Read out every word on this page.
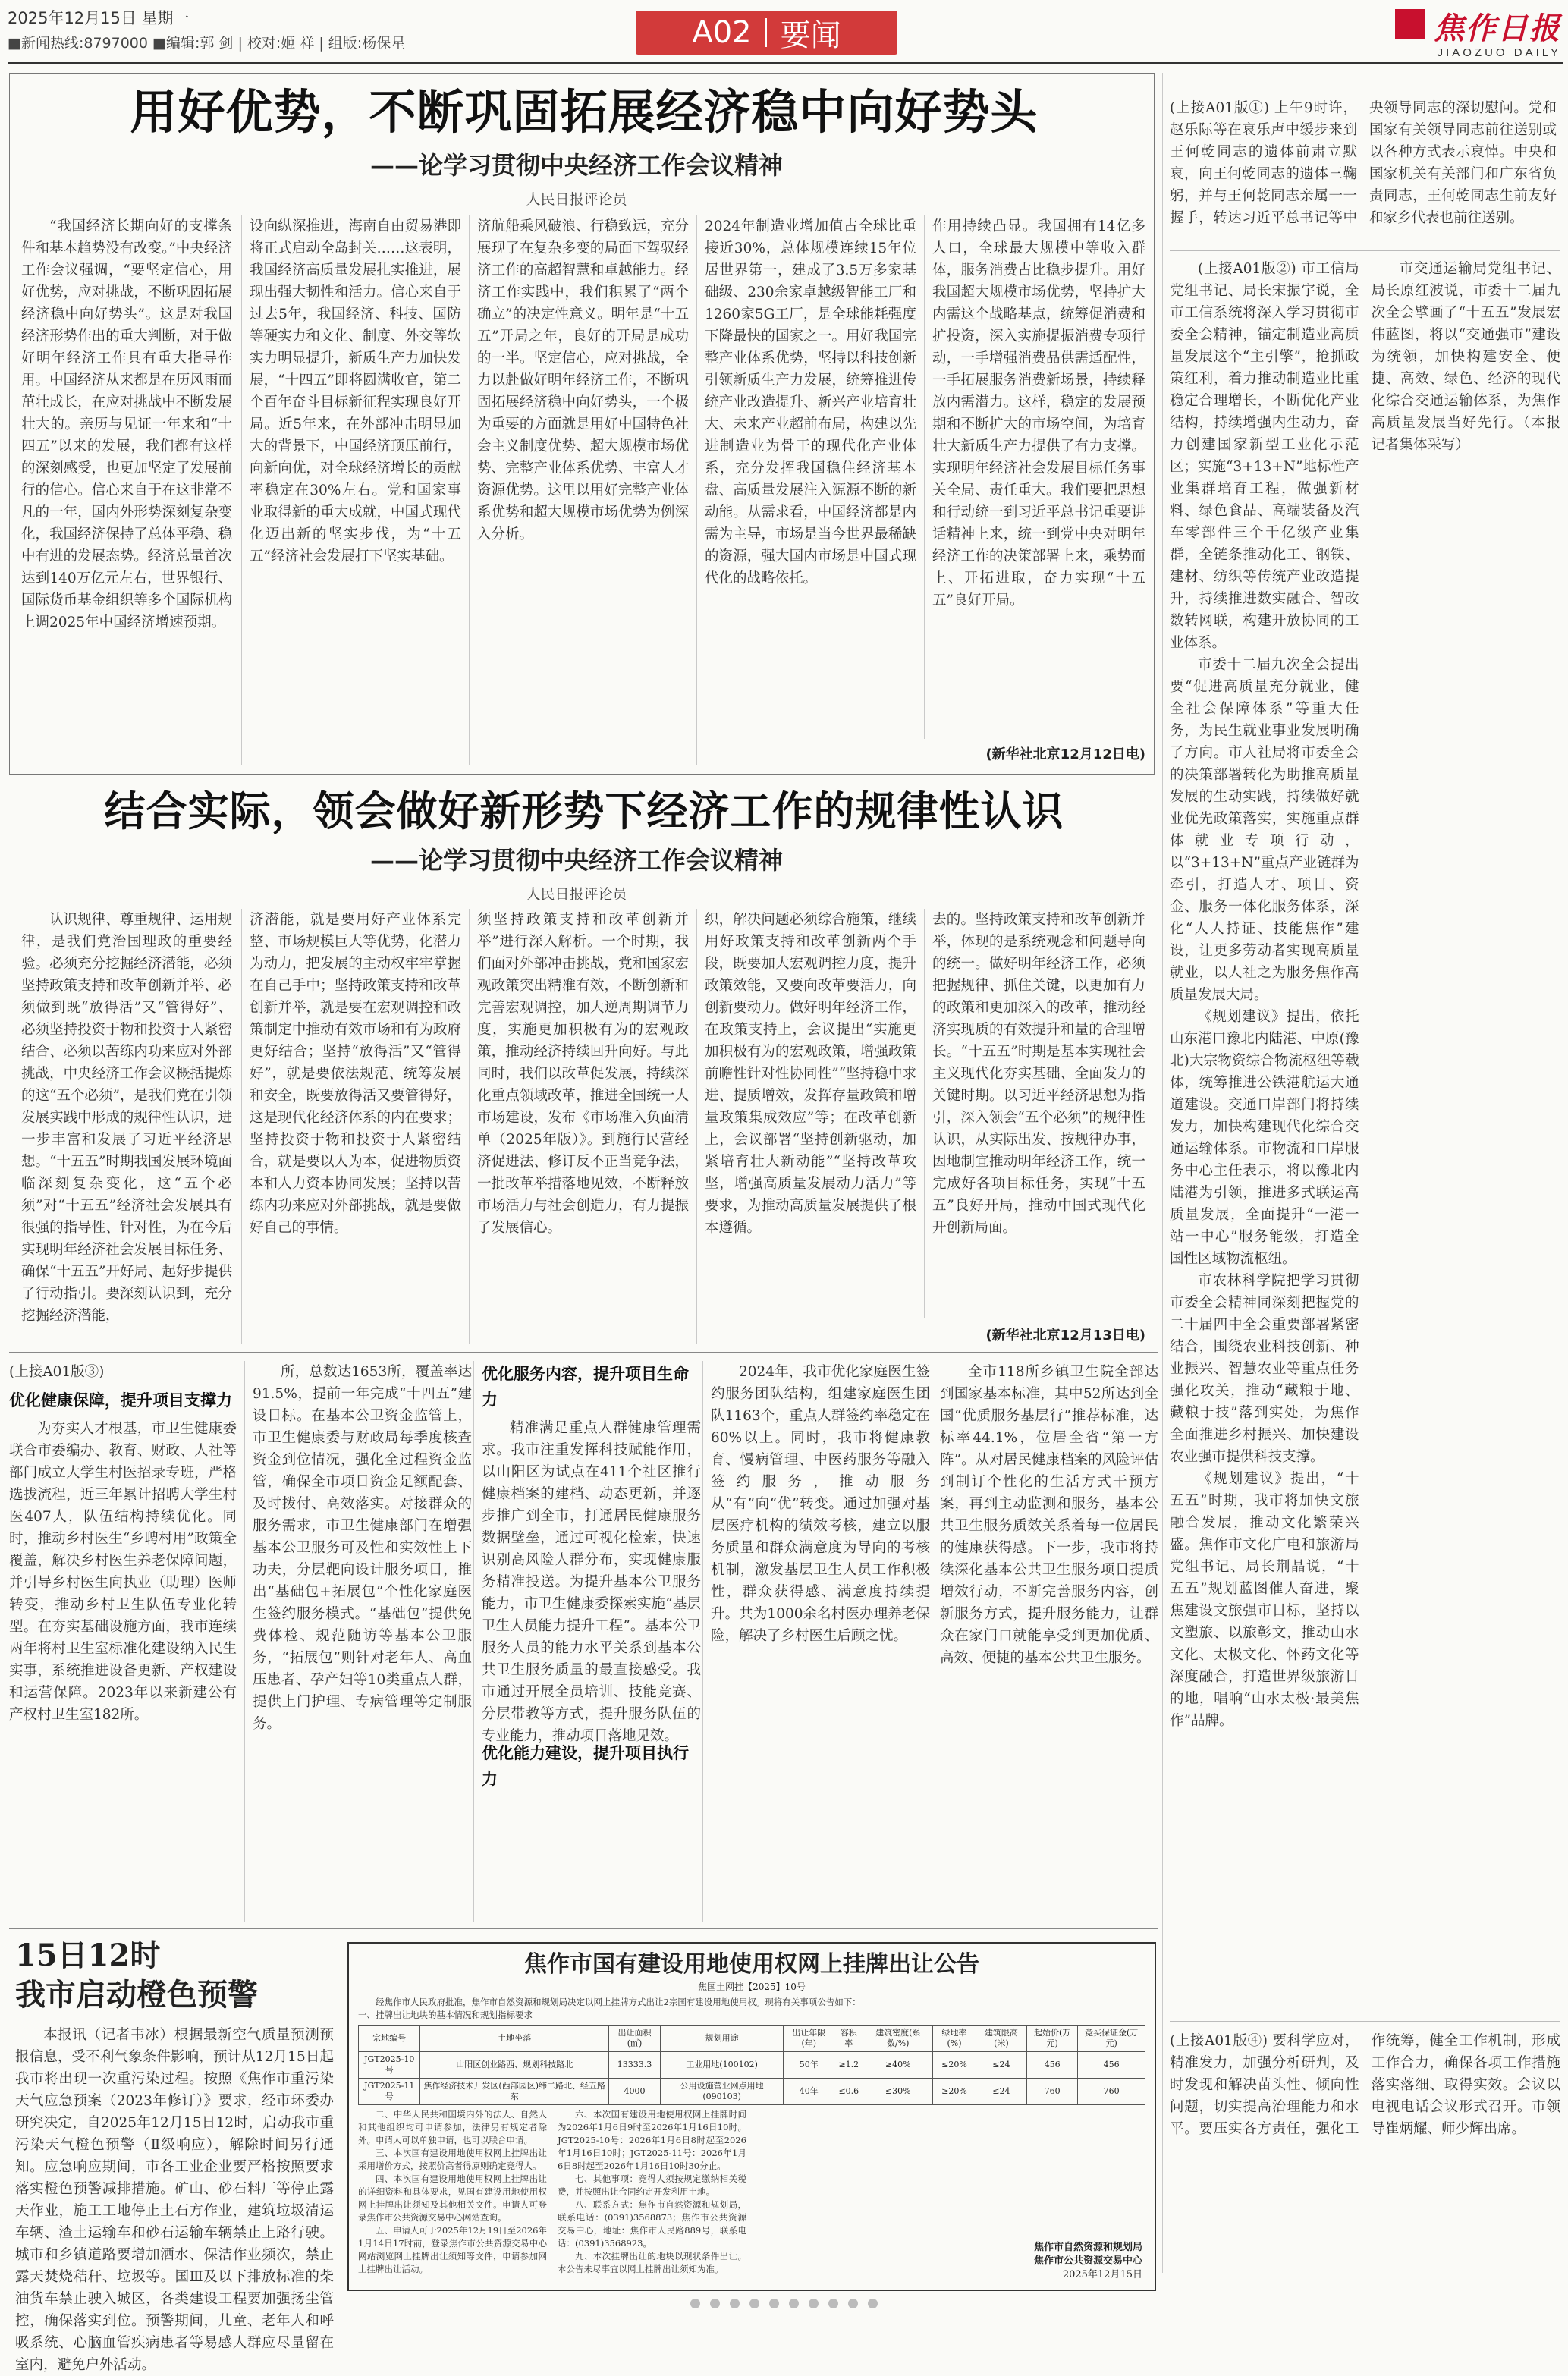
2025年12月15日 星期一
■新闻热线:8797000 ■编辑:郭 剑 | 校对:姬 祥 | 组版:杨保星	A02 要闻	焦作日报
JIAOZUO DAILY
用好优势，不断巩固拓展经济稳中向好势头
——论学习贯彻中央经济工作会议精神
人民日报评论员
“我国经济长期向好的支撑条件和基本趋势没有改变。”中央经济工作会议强调，“要坚定信心，用好优势，应对挑战，不断巩固拓展经济稳中向好势头”。这是对我国经济形势作出的重大判断，对于做好明年经济工作具有重大指导作用。中国经济从来都是在历风雨而茁壮成长，在应对挑战中不断发展壮大的。亲历与见证一年来和“十四五”以来的发展，我们都有这样的深刻感受，也更加坚定了发展前行的信心。信心来自于在这非常不凡的一年，国内外形势深刻复杂变化，我国经济保持了总体平稳、稳中有进的发展态势。经济总量首次达到140万亿元左右，世界银行、国际货币基金组织等多个国际机构上调2025年中国经济增速预期。
设向纵深推进，海南自由贸易港即将正式启动全岛封关……这表明，我国经济高质量发展扎实推进，展现出强大韧性和活力。信心来自于过去5年，我国经济、科技、国防等硬实力和文化、制度、外交等软实力明显提升，新质生产力加快发展，“十四五”即将圆满收官，第二个百年奋斗目标新征程实现良好开局。近5年来，在外部冲击明显加大的背景下，中国经济顶压前行，向新向优，对全球经济增长的贡献率稳定在30%左右。党和国家事业取得新的重大成就，中国式现代化迈出新的坚实步伐，为“十五五”经济社会发展打下坚实基础。
济航船乘风破浪、行稳致远，充分展现了在复杂多变的局面下驾驭经济工作的高超智慧和卓越能力。经济工作实践中，我们积累了“两个确立”的决定性意义。明年是“十五五”开局之年，良好的开局是成功的一半。坚定信心，应对挑战，全力以赴做好明年经济工作，不断巩固拓展经济稳中向好势头，一个极为重要的方面就是用好中国特色社会主义制度优势、超大规模市场优势、完整产业体系优势、丰富人才资源优势。这里以用好完整产业体系优势和超大规模市场优势为例深入分析。
2024年制造业增加值占全球比重接近30%，总体规模连续15年位居世界第一，建成了3.5万多家基础级、230余家卓越级智能工厂和1260家5G工厂，是全球能耗强度下降最快的国家之一。用好我国完整产业体系优势，坚持以科技创新引领新质生产力发展，统筹推进传统产业改造提升、新兴产业培育壮大、未来产业超前布局，构建以先进制造业为骨干的现代化产业体系，充分发挥我国稳住经济基本盘、高质量发展注入源源不断的新动能。从需求看，中国经济都是内需为主导，市场是当今世界最稀缺的资源，强大国内市场是中国式现代化的战略依托。
作用持续凸显。我国拥有14亿多人口，全球最大规模中等收入群体，服务消费占比稳步提升。用好我国超大规模市场优势，坚持扩大内需这个战略基点，统筹促消费和扩投资，深入实施提振消费专项行动，一手增强消费品供需适配性，一手拓展服务消费新场景，持续释放内需潜力。这样，稳定的发展预期和不断扩大的市场空间，为培育壮大新质生产力提供了有力支撑。实现明年经济社会发展目标任务事关全局、责任重大。我们要把思想和行动统一到习近平总书记重要讲话精神上来，统一到党中央对明年经济工作的决策部署上来，乘势而上、开拓进取，奋力实现“十五五”良好开局。
(新华社北京12月12日电)
结合实际，领会做好新形势下经济工作的规律性认识
——论学习贯彻中央经济工作会议精神
人民日报评论员
认识规律、尊重规律、运用规律，是我们党治国理政的重要经验。必须充分挖掘经济潜能，必须坚持政策支持和改革创新并举、必须做到既“放得活”又“管得好”、必须坚持投资于物和投资于人紧密结合、必须以苦练内功来应对外部挑战，中央经济工作会议概括提炼的这“五个必须”，是我们党在引领发展实践中形成的规律性认识，进一步丰富和发展了习近平经济思想。“十五五”时期我国发展环境面临深刻复杂变化，这“五个必须”对“十五五”经济社会发展具有很强的指导性、针对性，为在今后实现明年经济社会发展目标任务、确保“十五五”开好局、起好步提供了行动指引。要深刻认识到，充分挖掘经济潜能，
济潜能，就是要用好产业体系完整、市场规模巨大等优势，化潜力为动力，把发展的主动权牢牢掌握在自己手中；坚持政策支持和改革创新并举，就是要在宏观调控和政策制定中推动有效市场和有为政府更好结合；坚持“放得活”又“管得好”，就是要依法规范、统筹发展和安全，既要放得活又要管得好，这是现代化经济体系的内在要求；坚持投资于物和投资于人紧密结合，就是要以人为本，促进物质资本和人力资本协同发展；坚持以苦练内功来应对外部挑战，就是要做好自己的事情。
须坚持政策支持和改革创新并举”进行深入解析。一个时期，我们面对外部冲击挑战，党和国家宏观政策突出精准有效，不断创新和完善宏观调控，加大逆周期调节力度，实施更加积极有为的宏观政策，推动经济持续回升向好。与此同时，我们以改革促发展，持续深化重点领域改革，推进全国统一大市场建设，发布《市场准入负面清单（2025年版）》。到施行民营经济促进法、修订反不正当竞争法，一批改革举措落地见效，不断释放市场活力与社会创造力，有力提振了发展信心。
织，解决问题必须综合施策，继续用好政策支持和改革创新两个手段，既要加大宏观调控力度，提升政策效能，又要向改革要活力，向创新要动力。做好明年经济工作，在政策支持上，会议提出“实施更加积极有为的宏观政策，增强政策前瞻性针对性协同性”“坚持稳中求进、提质增效，发挥存量政策和增量政策集成效应”等；在改革创新上，会议部署“坚持创新驱动，加紧培育壮大新动能”“坚持改革攻坚，增强高质量发展动力活力”等要求，为推动高质量发展提供了根本遵循。
去的。坚持政策支持和改革创新并举，体现的是系统观念和问题导向的统一。做好明年经济工作，必须把握规律、抓住关键，以更加有力的政策和更加深入的改革，推动经济实现质的有效提升和量的合理增长。“十五五”时期是基本实现社会主义现代化夯实基础、全面发力的关键时期。以习近平经济思想为指引，深入领会“五个必须”的规律性认识，从实际出发、按规律办事，因地制宜推动明年经济工作，统一完成好各项目标任务，实现“十五五”良好开局，推动中国式现代化开创新局面。
(新华社北京12月13日电)
(上接A01版①) 上午9时许，赵乐际等在哀乐声中缓步来到王何乾同志的遗体前肃立默哀，向王何乾同志的遗体三鞠躬，并与王何乾同志亲属一一握手，转达习近平总书记等中央领导同志的深切慰问。党和国家有关领导同志前往送别或以各种方式表示哀悼。中央和国家机关有关部门和广东省负责同志，王何乾同志生前友好和家乡代表也前往送别。

(上接A01版②) 市工信局党组书记、局长宋振宇说，全市工信系统将深入学习贯彻市委全会精神，锚定制造业高质量发展这个“主引擎”，抢抓政策红利，着力推动制造业比重稳定合理增长，不断优化产业结构，持续增强内生动力，奋力创建国家新型工业化示范区；实施“3+13+N”地标性产业集群培育工程，做强新材料、绿色食品、高端装备及汽车零部件三个千亿级产业集群，全链条推动化工、钢铁、建材、纺织等传统产业改造提升，持续推进数实融合、智改数转网联，构建开放协同的工业体系。

市委十二届九次全会提出要“促进高质量充分就业，健全社会保障体系”等重大任务，为民生就业事业发展明确了方向。市人社局将市委全会的决策部署转化为助推高质量发展的生动实践，持续做好就业优先政策落实，实施重点群体就业专项行动，以“3+13+N”重点产业链群为牵引，打造人才、项目、资金、服务一体化服务体系，深化“人人持证、技能焦作”建设，让更多劳动者实现高质量就业，以人社之为服务焦作高质量发展大局。

《规划建议》提出，依托山东港口豫北内陆港、中原(豫北)大宗物资综合物流枢纽等载体，统筹推进公铁港航运大通道建设。交通口岸部门将持续发力，加快构建现代化综合交通运输体系。市物流和口岸服务中心主任表示，将以豫北内陆港为引领，推进多式联运高质量发展，全面提升“一港一站一中心”服务能级，打造全国性区域物流枢纽。

市农林科学院把学习贯彻市委全会精神同深刻把握党的二十届四中全会重要部署紧密结合，围绕农业科技创新、种业振兴、智慧农业等重点任务强化攻关，推动“藏粮于地、藏粮于技”落到实处，为焦作全面推进乡村振兴、加快建设农业强市提供科技支撑。

《规划建议》提出，“十五五”时期，我市将加快文旅融合发展，推动文化繁荣兴盛。焦作市文化广电和旅游局党组书记、局长荆晶说，“十五五”规划蓝图催人奋进，聚焦建设文旅强市目标，坚持以文塑旅、以旅彰文，推动山水文化、太极文化、怀药文化等深度融合，打造世界级旅游目的地，唱响“山水太极·最美焦作”品牌。

市交通运输局党组书记、局长原红波说，市委十二届九次全会擘画了“十五五”发展宏伟蓝图，将以“交通强市”建设为统领，加快构建安全、便捷、高效、绿色、经济的现代化综合交通运输体系，为焦作高质量发展当好先行。（本报记者集体采写）

(上接A01版④) 要科学应对，精准发力，加强分析研判，及时发现和解决苗头性、倾向性问题，切实提高治理能力和水平。要压实各方责任，强化工作统筹，健全工作机制，形成工作合力，确保各项工作措施落实落细、取得实效。会议以电视电话会议形式召开。市领导崔炳耀、师少辉出席。
(上接A01版③)
优化健康保障，提升项目支撑力
为夯实人才根基，市卫生健康委联合市委编办、教育、财政、人社等部门成立大学生村医招录专班，严格选拔流程，近三年累计招聘大学生村医407人，队伍结构持续优化。同时，推动乡村医生“乡聘村用”政策全覆盖，解决乡村医生养老保障问题，并引导乡村医生向执业（助理）医师转变，推动乡村卫生队伍专业化转型。在夯实基础设施方面，我市连续两年将村卫生室标准化建设纳入民生实事，系统推进设备更新、产权建设和运营保障。2023年以来新建公有产权村卫生室182所。
所，总数达1653所，覆盖率达91.5%，提前一年完成“十四五”建设目标。在基本公卫资金监管上，市卫生健康委与财政局每季度核查资金到位情况，强化全过程资金监管，确保全市项目资金足额配套、及时拨付、高效落实。对接群众的服务需求，市卫生健康部门在增强基本公卫服务可及性和实效性上下功夫，分层靶向设计服务项目，推出“基础包+拓展包”个性化家庭医生签约服务模式。“基础包”提供免费体检、规范随访等基本公卫服务，“拓展包”则针对老年人、高血压患者、孕产妇等10类重点人群，提供上门护理、专病管理等定制服务。
优化服务内容，提升项目生命力
精准满足重点人群健康管理需求。我市注重发挥科技赋能作用，以山阳区为试点在411个社区推行健康档案的建档、动态更新，并逐步推广到全市，打通居民健康服务数据壁垒，通过可视化检索，快速识别高风险人群分布，实现健康服务精准投送。为提升基本公卫服务能力，市卫生健康委探索实施“基层卫生人员能力提升工程”。基本公卫服务人员的能力水平关系到基本公共卫生服务质量的最直接感受。我市通过开展全员培训、技能竞赛、分层带教等方式，提升服务队伍的专业能力，推动项目落地见效。
优化能力建设，提升项目执行力
2024年，我市优化家庭医生签约服务团队结构，组建家庭医生团队1163个，重点人群签约率稳定在60%以上。同时，我市将健康教育、慢病管理、中医药服务等融入签约服务，推动服务从“有”向“优”转变。通过加强对基层医疗机构的绩效考核，建立以服务质量和群众满意度为导向的考核机制，激发基层卫生人员工作积极性，群众获得感、满意度持续提升。共为1000余名村医办理养老保险，解决了乡村医生后顾之忧。
全市118所乡镇卫生院全部达到国家基本标准，其中52所达到全国“优质服务基层行”推荐标准，达标率44.1%，位居全省“第一方阵”。从对居民健康档案的风险评估到制订个性化的生活方式干预方案，再到主动监测和服务，基本公共卫生服务质效关系着每一位居民的健康获得感。下一步，我市将持续深化基本公共卫生服务项目提质增效行动，不断完善服务内容，创新服务方式，提升服务能力，让群众在家门口就能享受到更加优质、高效、便捷的基本公共卫生服务。
15日12时
我市启动橙色预警
本报讯（记者韦冰）根据最新空气质量预测预报信息，受不利气象条件影响，预计从12月15日起我市将出现一次重污染过程。按照《焦作市重污染天气应急预案（2023年修订）》要求，经市环委办研究决定，自2025年12月15日12时，启动我市重污染天气橙色预警（Ⅱ级响应），解除时间另行通知。应急响应期间，市各工业企业要严格按照要求落实橙色预警减排措施。矿山、砂石料厂等停止露天作业，施工工地停止土石方作业，建筑垃圾清运车辆、渣土运输车和砂石运输车辆禁止上路行驶。城市和乡镇道路要增加洒水、保洁作业频次，禁止露天焚烧秸秆、垃圾等。国Ⅲ及以下排放标准的柴油货车禁止驶入城区，各类建设工程要加强扬尘管控，确保落实到位。预警期间，儿童、老年人和呼吸系统、心脑血管疾病患者等易感人群应尽量留在室内，避免户外活动。
焦作市国有建设用地使用权网上挂牌出让公告
焦国土网挂【2025】10号
经焦作市人民政府批准，焦作市自然资源和规划局决定以网上挂牌方式出让2宗国有建设用地使用权。现将有关事项公告如下：
一、挂牌出让地块的基本情况和规划指标要求
宗地编号	土地坐落	出让面积(㎡)	规划用途	出让年限(年)	容积率	建筑密度(系数/%)	绿地率(%)	建筑限高(米)	起始价(万元)	竞买保证金(万元)
JGT2025-10号	山阳区创业路西、规划科技路北	13333.3	工业用地(100102)	50年	≥1.2	≥40%	≤20%	≤24	456	456
JGT2025-11号	焦作经济技术开发区(西部园区)纬二路北、经五路东	4000	公用设施营业网点用地(090103)	40年	≤0.6	≤30%	≥20%	≤24	760	760

二、中华人民共和国境内外的法人、自然人和其他组织均可申请参加，法律另有规定者除外。申请人可以单独申请，也可以联合申请。

三、本次国有建设用地使用权网上挂牌出让采用增价方式，按照价高者得原则确定竞得人。

四、本次国有建设用地使用权网上挂牌出让的详细资料和具体要求，见国有建设用地使用权网上挂牌出让须知及其他相关文件。申请人可登录焦作市公共资源交易中心网站查询。

五、申请人可于2025年12月19日至2026年1月14日17时前，登录焦作市公共资源交易中心网站浏览网上挂牌出让须知等文件，申请参加网上挂牌出让活动。

六、本次国有建设用地使用权网上挂牌时间为2026年1月6日9时至2026年1月16日10时。JGT2025-10号：2026年1月6日8时起至2026年1月16日10时；JGT2025-11号：2026年1月6日8时起至2026年1月16日10时30分止。

七、其他事项：竞得人须按规定缴纳相关税费，并按照出让合同约定开发利用土地。

八、联系方式：焦作市自然资源和规划局，联系电话：(0391)3568873；焦作市公共资源交易中心，地址：焦作市人民路889号，联系电话：(0391)3568923。

九、本次挂牌出让的地块以现状条件出让。本公告未尽事宜以网上挂牌出让须知为准。

焦作市自然资源和规划局
焦作市公共资源交易中心
2025年12月15日
